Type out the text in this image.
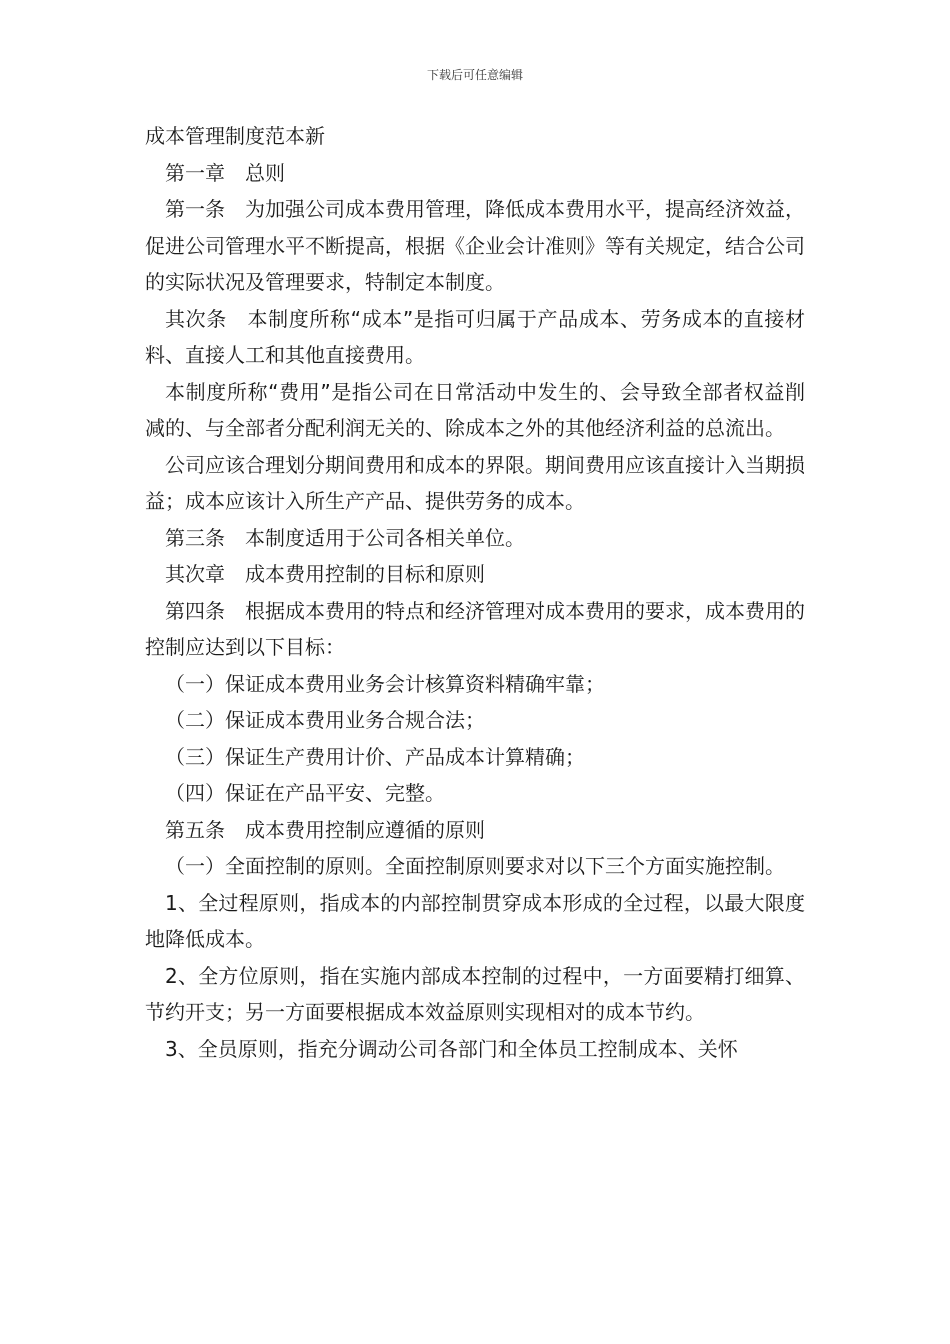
下载后可任意编辑

成本管理制度范本新

第一章　总则

第一条　为加强公司成本费用管理，降低成本费用水平，提高经济效益，促进公司管理水平不断提高，根据《企业会计准则》等有关规定，结合公司的实际状况及管理要求，特制定本制度。

其次条　本制度所称“成本”是指可归属于产品成本、劳务成本的直接材料、直接人工和其他直接费用。

本制度所称“费用”是指公司在日常活动中发生的、会导致全部者权益削减的、与全部者分配利润无关的、除成本之外的其他经济利益的总流出。

公司应该合理划分期间费用和成本的界限。期间费用应该直接计入当期损益；成本应该计入所生产产品、提供劳务的成本。

第三条　本制度适用于公司各相关单位。

其次章　成本费用控制的目标和原则

第四条　根据成本费用的特点和经济管理对成本费用的要求，成本费用的控制应达到以下目标：

（一）保证成本费用业务会计核算资料精确牢靠；

（二）保证成本费用业务合规合法；

（三）保证生产费用计价、产品成本计算精确；

（四）保证在产品平安、完整。

第五条　成本费用控制应遵循的原则

（一）全面控制的原则。全面控制原则要求对以下三个方面实施控制。

1、全过程原则，指成本的内部控制贯穿成本形成的全过程，以最大限度地降低成本。

2、全方位原则，指在实施内部成本控制的过程中，一方面要精打细算、节约开支；另一方面要根据成本效益原则实现相对的成本节约。

3、全员原则，指充分调动公司各部门和全体员工控制成本、关怀
